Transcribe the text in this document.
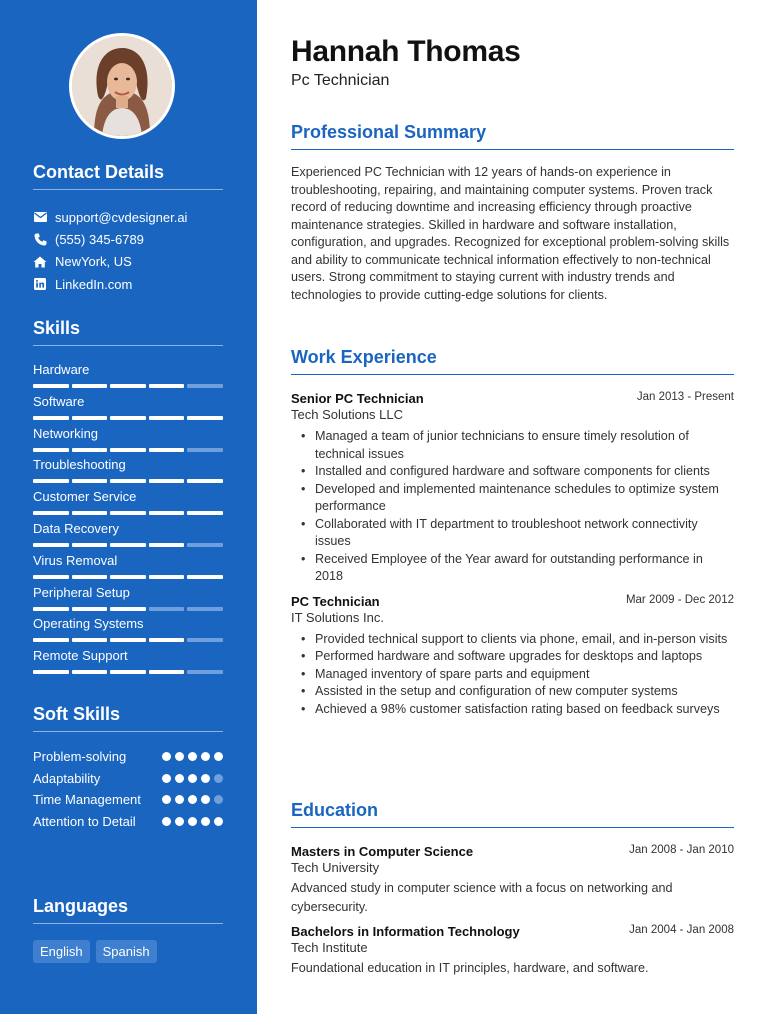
Contact Details
support@cvdesigner.ai
(555) 345-6789
NewYork, US
LinkedIn.com
Skills
Hardware
Software
Networking
Troubleshooting
Customer Service
Data Recovery
Virus Removal
Peripheral Setup
Operating Systems
Remote Support
Soft Skills
Problem-solving
Adaptability
Time Management
Attention to Detail
Languages
English	Spanish
Hannah Thomas
Pc Technician
Professional Summary
Experienced PC Technician with 12 years of hands-on experience in troubleshooting, repairing, and maintaining computer systems. Proven track record of reducing downtime and increasing efficiency through proactive maintenance strategies. Skilled in hardware and software installation, configuration, and upgrades. Recognized for exceptional problem-solving skills and ability to communicate technical information effectively to non-technical users. Strong commitment to staying current with industry trends and technologies to provide cutting-edge solutions for clients.
Work Experience
Senior PC Technician	Jan 2013 - Present
Tech Solutions LLC
• Managed a team of junior technicians to ensure timely resolution of technical issues
• Installed and configured hardware and software components for clients
• Developed and implemented maintenance schedules to optimize system performance
• Collaborated with IT department to troubleshoot network connectivity issues
• Received Employee of the Year award for outstanding performance in 2018
PC Technician	Mar 2009 - Dec 2012
IT Solutions Inc.
• Provided technical support to clients via phone, email, and in-person visits
• Performed hardware and software upgrades for desktops and laptops
• Managed inventory of spare parts and equipment
• Assisted in the setup and configuration of new computer systems
• Achieved a 98% customer satisfaction rating based on feedback surveys
Education
Masters in Computer Science	Jan 2008 - Jan 2010
Tech University
Advanced study in computer science with a focus on networking and cybersecurity.
Bachelors in Information Technology	Jan 2004 - Jan 2008
Tech Institute
Foundational education in IT principles, hardware, and software.
